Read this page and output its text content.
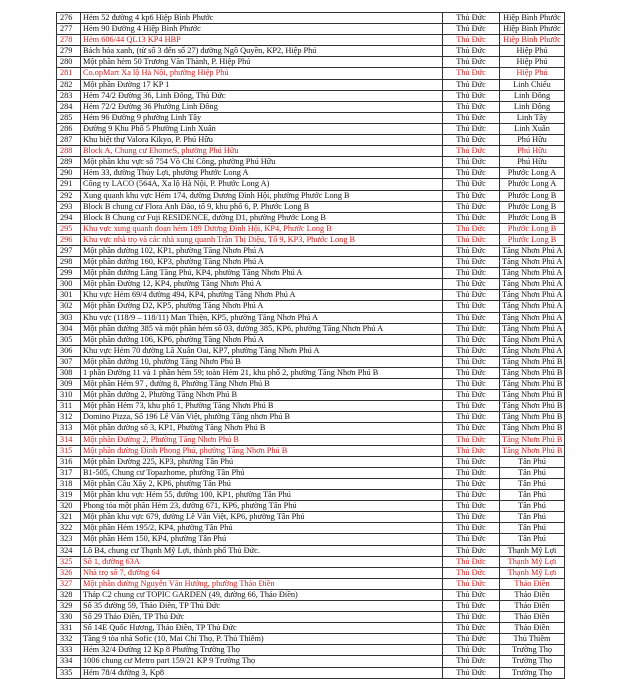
276	Hẻm 52 đường 4 kp6 Hiệp Bình Phước	Thủ Đức	Hiệp Bình Phước
277	Hẻm 90 Đường 4 Hiệp Bình Phước	Thủ Đức	Hiệp Bình Phước
278	Hẻm 606/44 QL13 KP4 HBP	Thủ Đức	Hiệp Bình Phước
279	Bách hóa xanh, (từ số 3 đến số 27) đường Ngô Quyền, KP2, Hiệp Phú	Thủ Đức	Hiệp Phú
280	Một phần hẻm 50 Trương Văn Thành, P. Hiệp Phú	Thủ Đức	Hiệp Phú
281	Co.opMart Xa lộ Hà Nội, phường Hiệp Phú	Thủ Đức	Hiệp Phú
282	Một phần Đường 17 KP 1	Thủ Đức	Linh Chiểu
283	Hẻm 74/2 Đường 36, Linh Đông, Thủ Đức	Thủ Đức	Linh Đông
284	Hẻm 72/2 Đường 36 Phường Linh Đông	Thủ Đức	Linh Đông
285	Hẻm 96 Đường 9 phường Linh Tây	Thủ Đức	Linh Tây
286	Đường 9 Khu Phố 5 Phường Linh Xuân	Thủ Đức	Linh Xuân
287	Khu biệt thự Valora Kikyo, P. Phú Hữu	Thủ Đức	Phú Hữu
288	Block A, Chung cư EhomeS, phường Phú Hữu	Thủ Đức	Phú Hữu
289	Một phần khu vực số 754 Võ Chí Công, phường Phú Hữu	Thủ Đức	Phú Hữu
290	Hẻm 33, đường Thủy Lợi, phường Phước Long A	Thủ Đức	Phước Long A
291	Công ty LACO (564A, Xa lộ Hà Nội, P. Phước Long A)	Thủ Đức	Phước Long A
292	Xung quanh khu vực Hẻm 174, đường Dương Đình Hội, phường Phước Long B	Thủ Đức	Phước Long B
293	Block B chung cư Flora Anh Đào, tổ 9, khu phố 6, P. Phước Long B	Thủ Đức	Phước Long B
294	Block B Chung cư Fuji RESIDENCE, đường D1, phường Phước Long B	Thủ Đức	Phước Long B
295	Khu vực xung quanh đoạn hẻm 189 Dương Đình Hội, KP4, Phước Long B	Thủ Đức	Phước Long B
296	Khu vực nhà trọ và các nhà xung quanh Trần Thị Diệu, Tổ 9, KP3, Phước Long B	Thủ Đức	Phước Long B
297	Một phần đường 102, KP1, phường Tăng Nhơn Phú A	Thủ Đức	Tăng Nhơn Phú A
298	Một phần đường 160, KP3, phường Tăng Nhơn Phú A	Thủ Đức	Tăng Nhơn Phú A
299	Một phần đường Lãng Tăng Phú, KP4, phường Tăng Nhơn Phú A	Thủ Đức	Tăng Nhơn Phú A
300	Một phần Đường 12, KP4, phường Tăng Nhơn Phú A	Thủ Đức	Tăng Nhơn Phú A
301	Khu vực Hẻm 69/4 đường 494, KP4, phường Tăng Nhơn Phú A	Thủ Đức	Tăng Nhơn Phú A
302	Một phần Đường D2, KP5, phường Tăng Nhơn Phú A	Thủ Đức	Tăng Nhơn Phú A
303	Khu vực (118/9 – 118/11) Man Thiện, KP5, phường Tăng Nhơn Phú A	Thủ Đức	Tăng Nhơn Phú A
304	Một phần đường 385 và một phần hẻm số 03, đường 385, KP6, phường Tăng Nhơn Phú A	Thủ Đức	Tăng Nhơn Phú A
305	Một phần đường 106, KP6, phường Tăng Nhơn Phú A	Thủ Đức	Tăng Nhơn Phú A
306	Khu vực Hẻm 70 đường Lã Xuân Oai, KP7, phường Tăng Nhơn Phú A	Thủ Đức	Tăng Nhơn Phú A
307	Một phần đường 10, phường Tăng Nhơn Phú B	Thủ Đức	Tăng Nhơn Phú B
308	1 phần Đường 11 và 1 phần hẻm 59; toàn Hẻm 21, khu phố 2, phường Tăng Nhơn Phú B	Thủ Đức	Tăng Nhơn Phú B
309	Một phần Hẻm 97 , đường 8, Phường Tăng Nhơn Phú B	Thủ Đức	Tăng Nhơn Phú B
310	Một phần đường 2, Phường Tăng Nhơn Phú B	Thủ Đức	Tăng Nhơn Phú B
311	Một phần Hẻm 73, khu phố 1, Phường Tăng Nhơn Phú B	Thủ Đức	Tăng Nhơn Phú B
312	Domino Pizza, Số 196 Lê Văn Việt, phường Tăng nhơn Phú B	Thủ Đức	Tăng Nhơn Phú B
313	Một phần đường số 3, KP1, Phường Tăng Nhơn Phú B	Thủ Đức	Tăng Nhơn Phú B
314	Một phần Đường 2, Phường Tăng Nhơn Phú B	Thủ Đức	Tăng Nhơn Phú B
315	Một phần đường Đình Phong Phú, phường Tăng Nhơn Phú B	Thủ Đức	Tăng Nhơn Phú B
316	Một phần Đường 225, KP3, phường Tân Phú	Thủ Đức	Tân Phú
317	B1-505, Chung cư Topazhome, phường Tân Phú	Thủ Đức	Tân Phú
318	Một phần Cầu Xây 2, KP6, phường Tân Phú	Thủ Đức	Tân Phú
319	Một phần khu vực Hẻm 55, đường 100, KP1, phường Tân Phú	Thủ Đức	Tân Phú
320	Phong tỏa một phần Hẻm 23, đường 671, KP6, phường Tân Phú	Thủ Đức	Tân Phú
321	Một phần khu vực 679, đường Lê Văn Việt, KP6, phường Tân Phú	Thủ Đức	Tân Phú
322	Một phần Hẻm 195/2, KP4, phường Tân Phú	Thủ Đức	Tân Phú
323	Một phần Hẻm 150, KP4, phường Tân Phú	Thủ Đức	Tân Phú
324	Lô B4, chung cư Thạnh Mỹ Lợi, thành phố Thủ Đức.	Thủ Đức	Thạnh Mỹ Lợi
325	Số 1, đường 63A	Thủ Đức	Thạnh Mỹ Lợi
326	Nhà trọ số 7, đường 64	Thủ Đức	Thạnh Mỹ Lợi
327	Một phần đường Nguyễn Văn Hưởng, phường Thảo Điền	Thủ Đức	Thảo Điền
328	Tháp C2 chung cư TOPIC GARDEN (49, đường 66, Thảo Điền)	Thủ Đức	Thảo Điền
329	Số 35 đường 59, Thảo Điền, TP Thủ Đức	Thủ Đức	Thảo Điền
330	Số 29 Thảo Điền, TP Thủ Đức	Thủ Đức	Thảo Điền
331	Số 14E Quốc Hương, Thảo Điền, TP Thủ Đức	Thủ Đức	Thảo Điền
332	Tầng 9 tòa nhà Sofic (10, Mai Chí Thọ, P. Thủ Thiêm)	Thủ Đức	Thủ Thiêm
333	Hẻm 32/4 Đường 12 Kp 8 Phường Trường Thọ	Thủ Đức	Trường Thọ
334	1006 chung cư Metro part 159/21 KP 9 Trường Thọ	Thủ Đức	Trường Thọ
335	Hẻm 78/4 đường 3, Kp8	Thủ Đức	Trường Thọ
